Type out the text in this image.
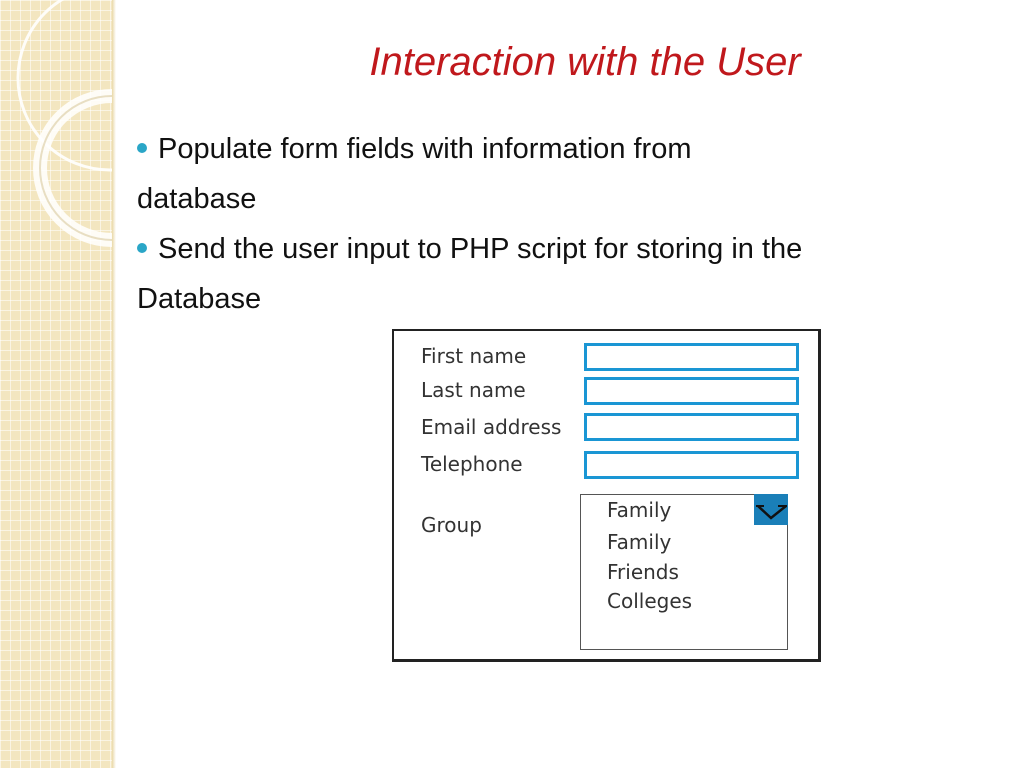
Interaction with the User
Populate form fields with information from
database
Send the user input to PHP script for storing in the
Database
First name
Last name
Email address
Telephone
Group
Family
Family
Friends
Colleges
